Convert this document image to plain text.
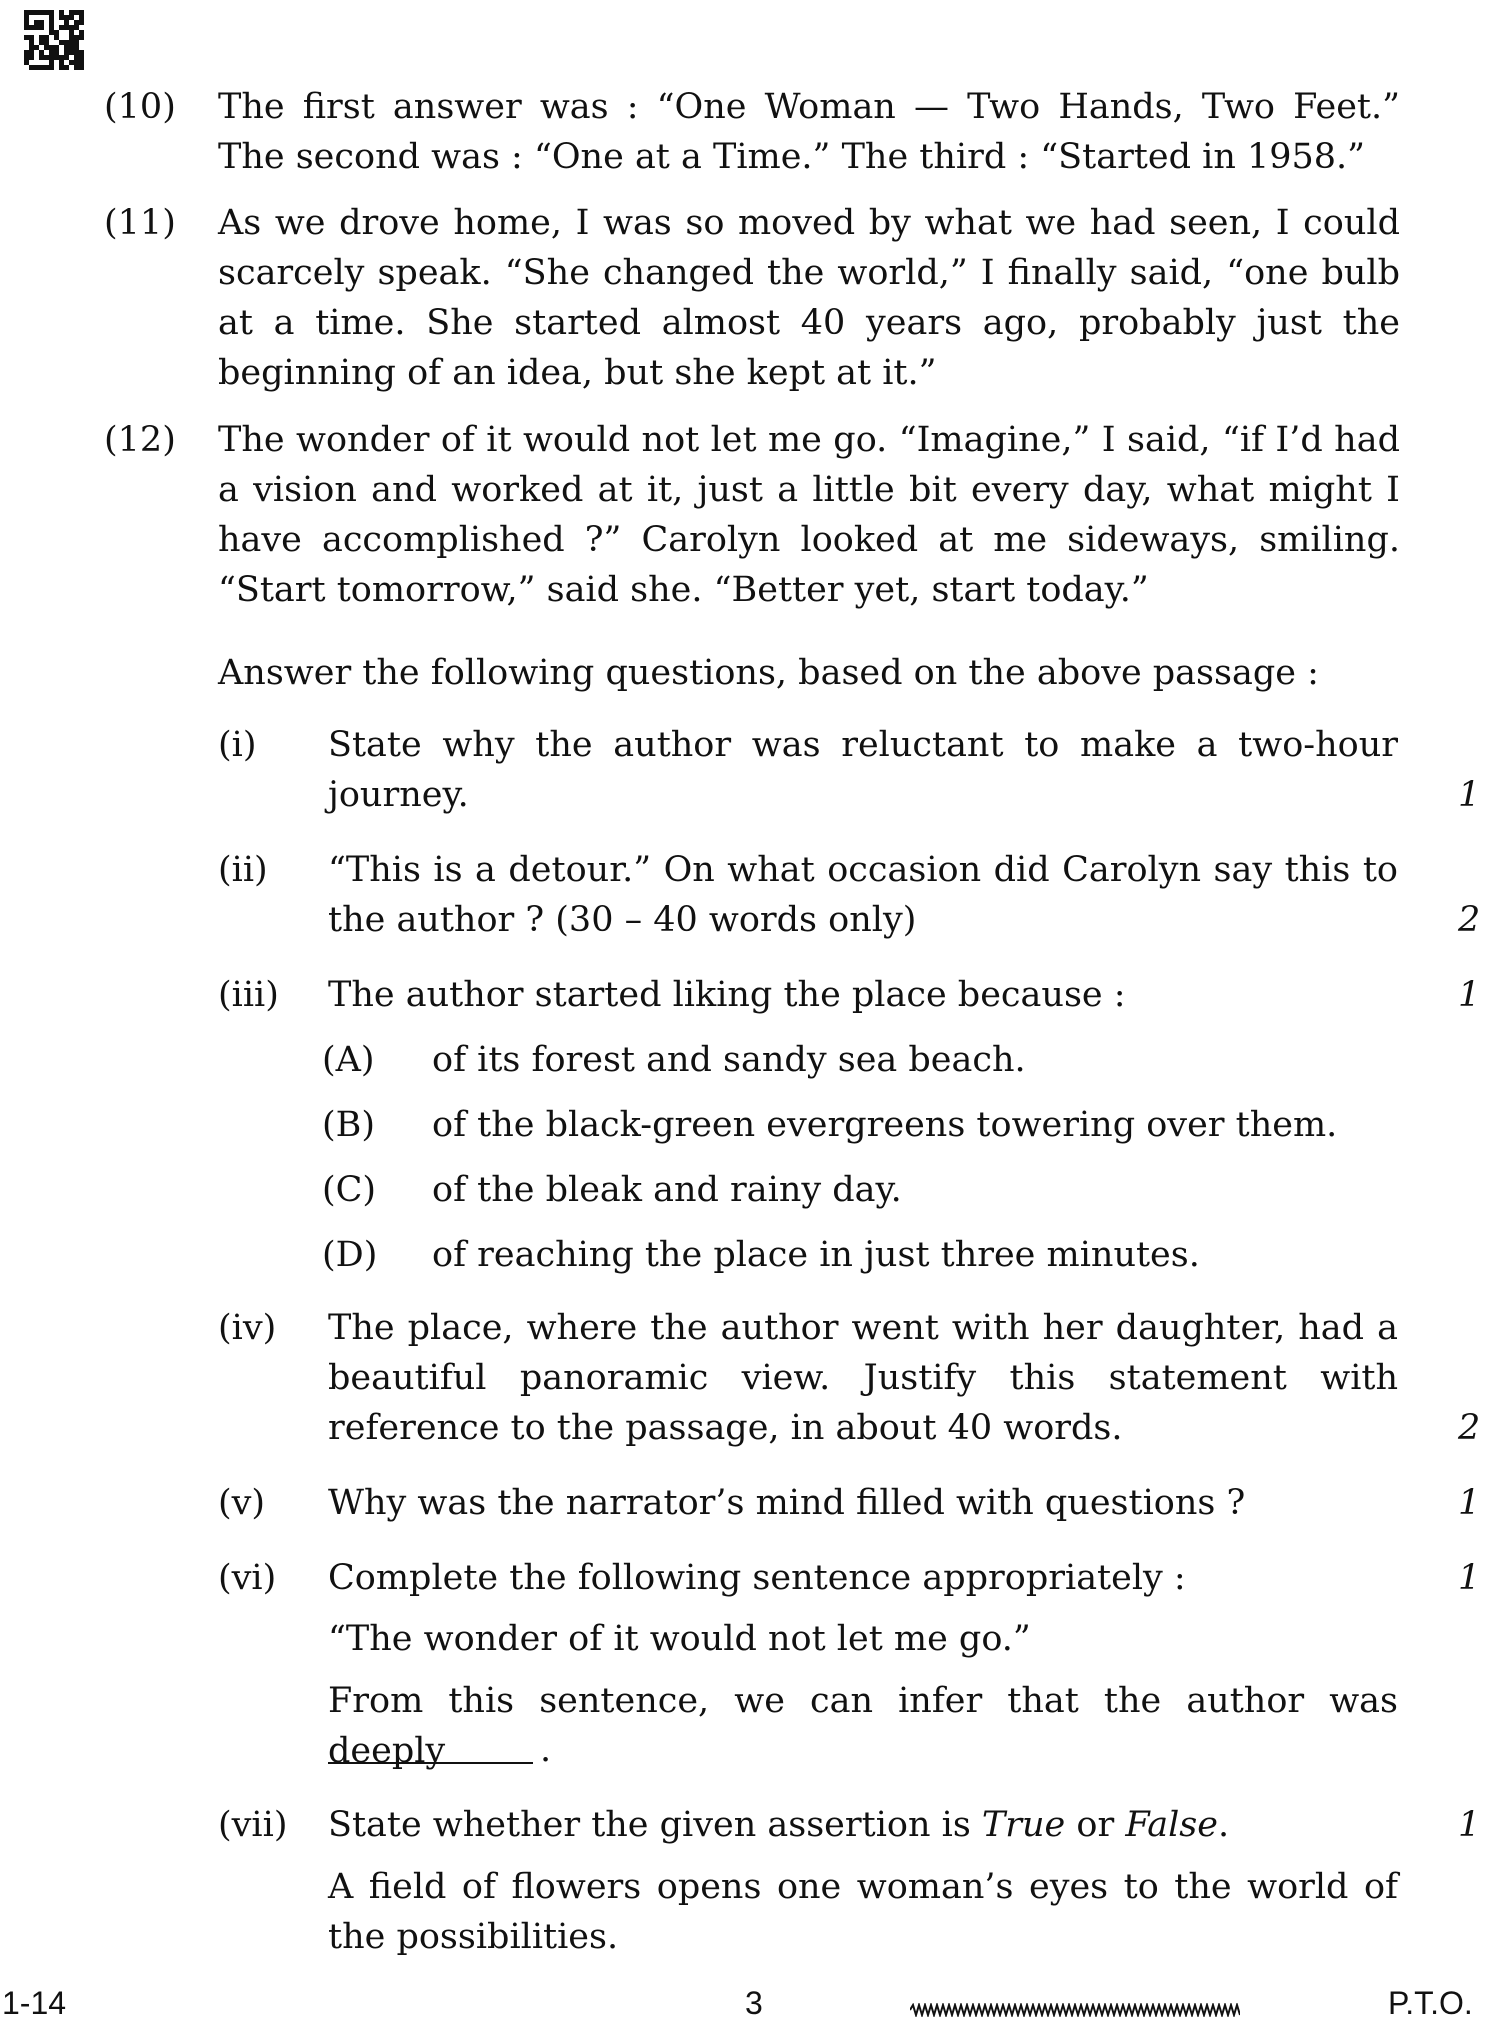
(10) The first answer was : “One Woman — Two Hands, Two Feet.” The second was : “One at a Time.” The third : “Started in 1958.”
(11) As we drove home, I was so moved by what we had seen, I could scarcely speak. “She changed the world,” I finally said, “one bulb at a time. She started almost 40 years ago, probably just the beginning of an idea, but she kept at it.”
(12) The wonder of it would not let me go. “Imagine,” I said, “if I’d had a vision and worked at it, just a little bit every day, what might I have accomplished ?” Carolyn looked at me sideways, smiling. “Start tomorrow,” said she. “Better yet, start today.”
Answer the following questions, based on the above passage :
(i) State why the author was reluctant to make a two-hour journey.	1
(ii) “This is a detour.” On what occasion did Carolyn say this to the author ? (30 – 40 words only)	2
(iii) The author started liking the place because :	1
(A) of its forest and sandy sea beach.
(B) of the black-green evergreens towering over them.
(C) of the bleak and rainy day.
(D) of reaching the place in just three minutes.
(iv) The place, where the author went with her daughter, had a beautiful panoramic view. Justify this statement with reference to the passage, in about 40 words.	2
(v) Why was the narrator’s mind filled with questions ?	1
(vi) Complete the following sentence appropriately :	1
“The wonder of it would not let me go.”
From this sentence, we can infer that the author was deeply	.
(vii) State whether the given assertion is True or False.	1
A field of flowers opens one woman’s eyes to the world of the possibilities.
1-14	3	P.T.O.
